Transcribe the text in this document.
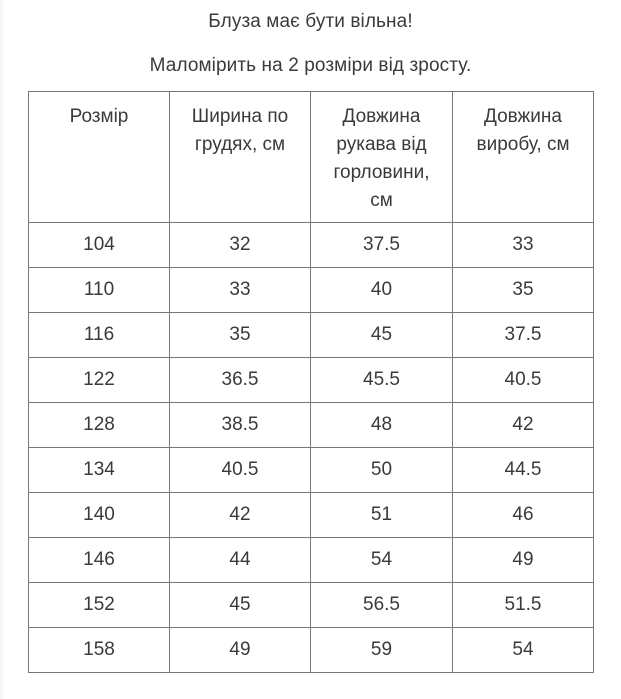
Блуза має бути вільна!
Маломірить на 2 розміри від зросту.
Розмір	Ширина по грудях, см	Довжина рукава від горловини, см	Довжина виробу, см

104	32	37.5	33
110	33	40	35
116	35	45	37.5
122	36.5	45.5	40.5
128	38.5	48	42
134	40.5	50	44.5
140	42	51	46
146	44	54	49
152	45	56.5	51.5
158	49	59	54
